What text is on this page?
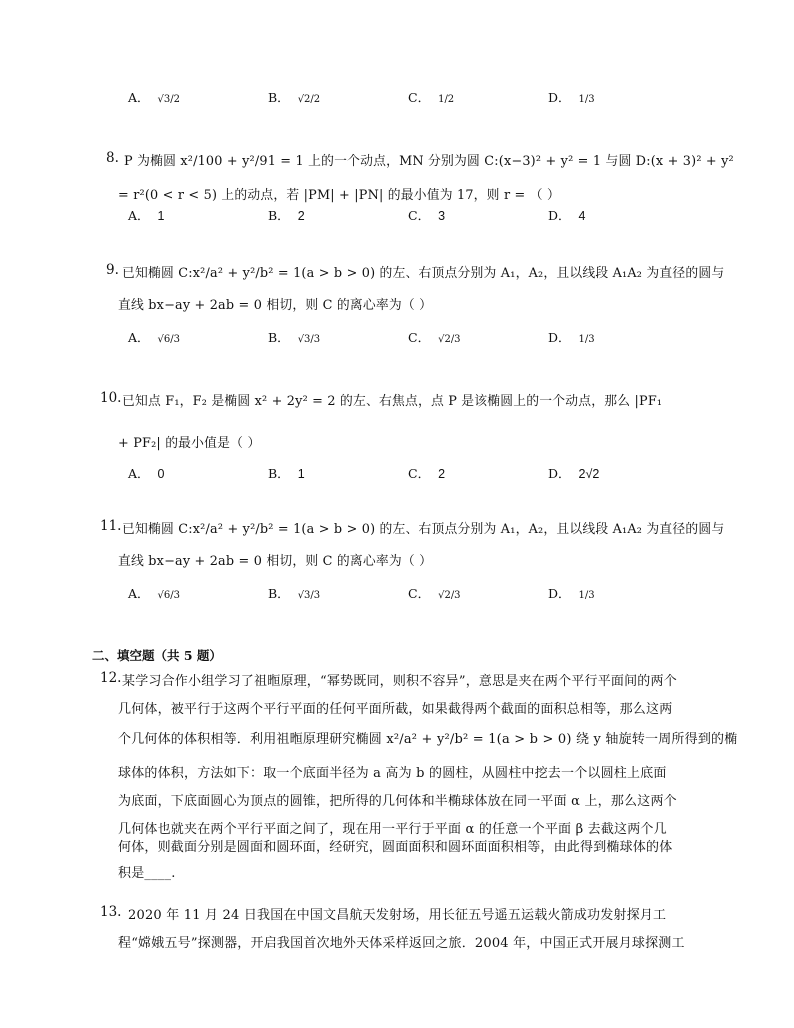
A． √3/2	B． √2/2	C． 1/2	D． 1/3
8. P 为椭圆 x²/100 + y²/91 = 1 上的一个动点，MN 分别为圆 C:(x−3)² + y² = 1 与圆 D:(x + 3)² + y²
= r²(0 < r < 5) 上的动点，若 |PM| + |PN| 的最小值为 17，则 r = （ ）
A． 1	B． 2	C． 3	D． 4
9. 已知椭圆 C:x²/a² + y²/b² = 1(a > b > 0) 的左、右顶点分别为 A₁，A₂，且以线段 A₁A₂ 为直径的圆与
直线 bx−ay + 2ab = 0 相切，则 C 的离心率为（ ）
A． √6/3	B． √3/3	C． √2/3	D． 1/3
10. 已知点 F₁，F₂ 是椭圆 x² + 2y² = 2 的左、右焦点，点 P 是该椭圆上的一个动点，那么 |PF₁
+ PF₂| 的最小值是（ ）
A． 0	B． 1	C． 2	D． 2√2
11. 已知椭圆 C:x²/a² + y²/b² = 1(a > b > 0) 的左、右顶点分别为 A₁，A₂，且以线段 A₁A₂ 为直径的圆与
直线 bx−ay + 2ab = 0 相切，则 C 的离心率为（ ）
A． √6/3	B． √3/3	C． √2/3	D． 1/3
二、填空题（共 5 题）
12. 某学习合作小组学习了祖暅原理，“幂势既同，则积不容异”，意思是夹在两个平行平面间的两个
几何体，被平行于这两个平行平面的任何平面所截，如果截得两个截面的面积总相等，那么这两
个几何体的体积相等．利用祖暅原理研究椭圆 x²/a² + y²/b² = 1(a > b > 0) 绕 y 轴旋转一周所得到的椭
球体的体积，方法如下：取一个底面半径为 a 高为 b 的圆柱，从圆柱中挖去一个以圆柱上底面
为底面，下底面圆心为顶点的圆锥，把所得的几何体和半椭球体放在同一平面 α 上，那么这两个
几何体也就夹在两个平行平面之间了，现在用一平行于平面 α 的任意一个平面 β 去截这两个几
何体，则截面分别是圆面和圆环面，经研究，圆面面积和圆环面面积相等，由此得到椭球体的体
积是____.
13. 2020 年 11 月 24 日我国在中国文昌航天发射场，用长征五号遥五运载火箭成功发射探月工
程“嫦娥五号”探测器，开启我国首次地外天体采样返回之旅．2004 年，中国正式开展月球探测工
